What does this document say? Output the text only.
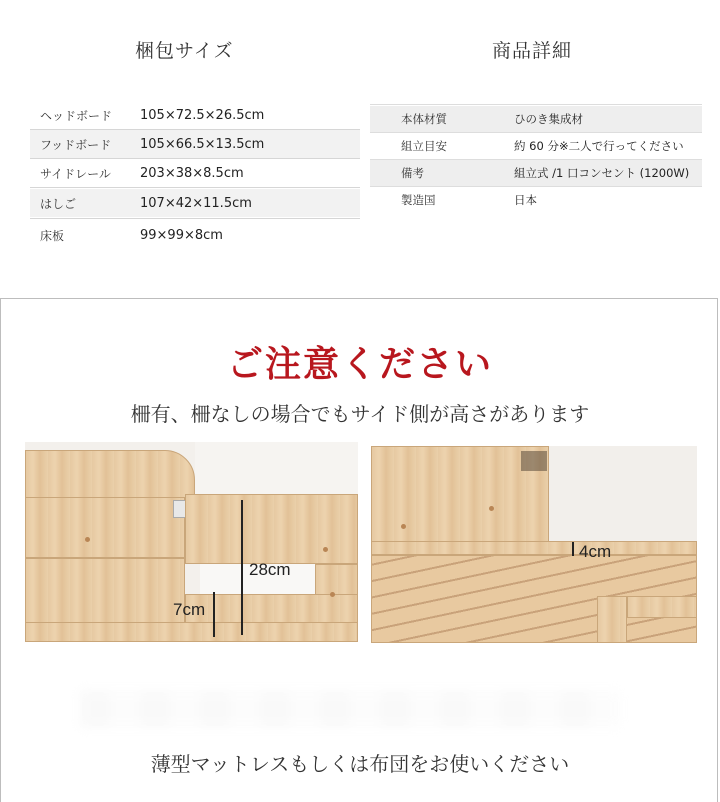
梱包サイズ
ヘッドボード	105×72.5×26.5cm
フッドボード	105×66.5×13.5cm
サイドレール	203×38×8.5cm
はしご	107×42×11.5cm
床板	99×99×8cm
商品詳細
本体材質	ひのき集成材
組立目安	約 60 分※二人で行ってください
備考	組立式 /1 口コンセント (1200W)
製造国	日本
ご注意ください
柵有、柵なしの場合でもサイド側が高さがあります
28cm
7cm
4cm
薄型マットレスもしくは布団をお使いください
